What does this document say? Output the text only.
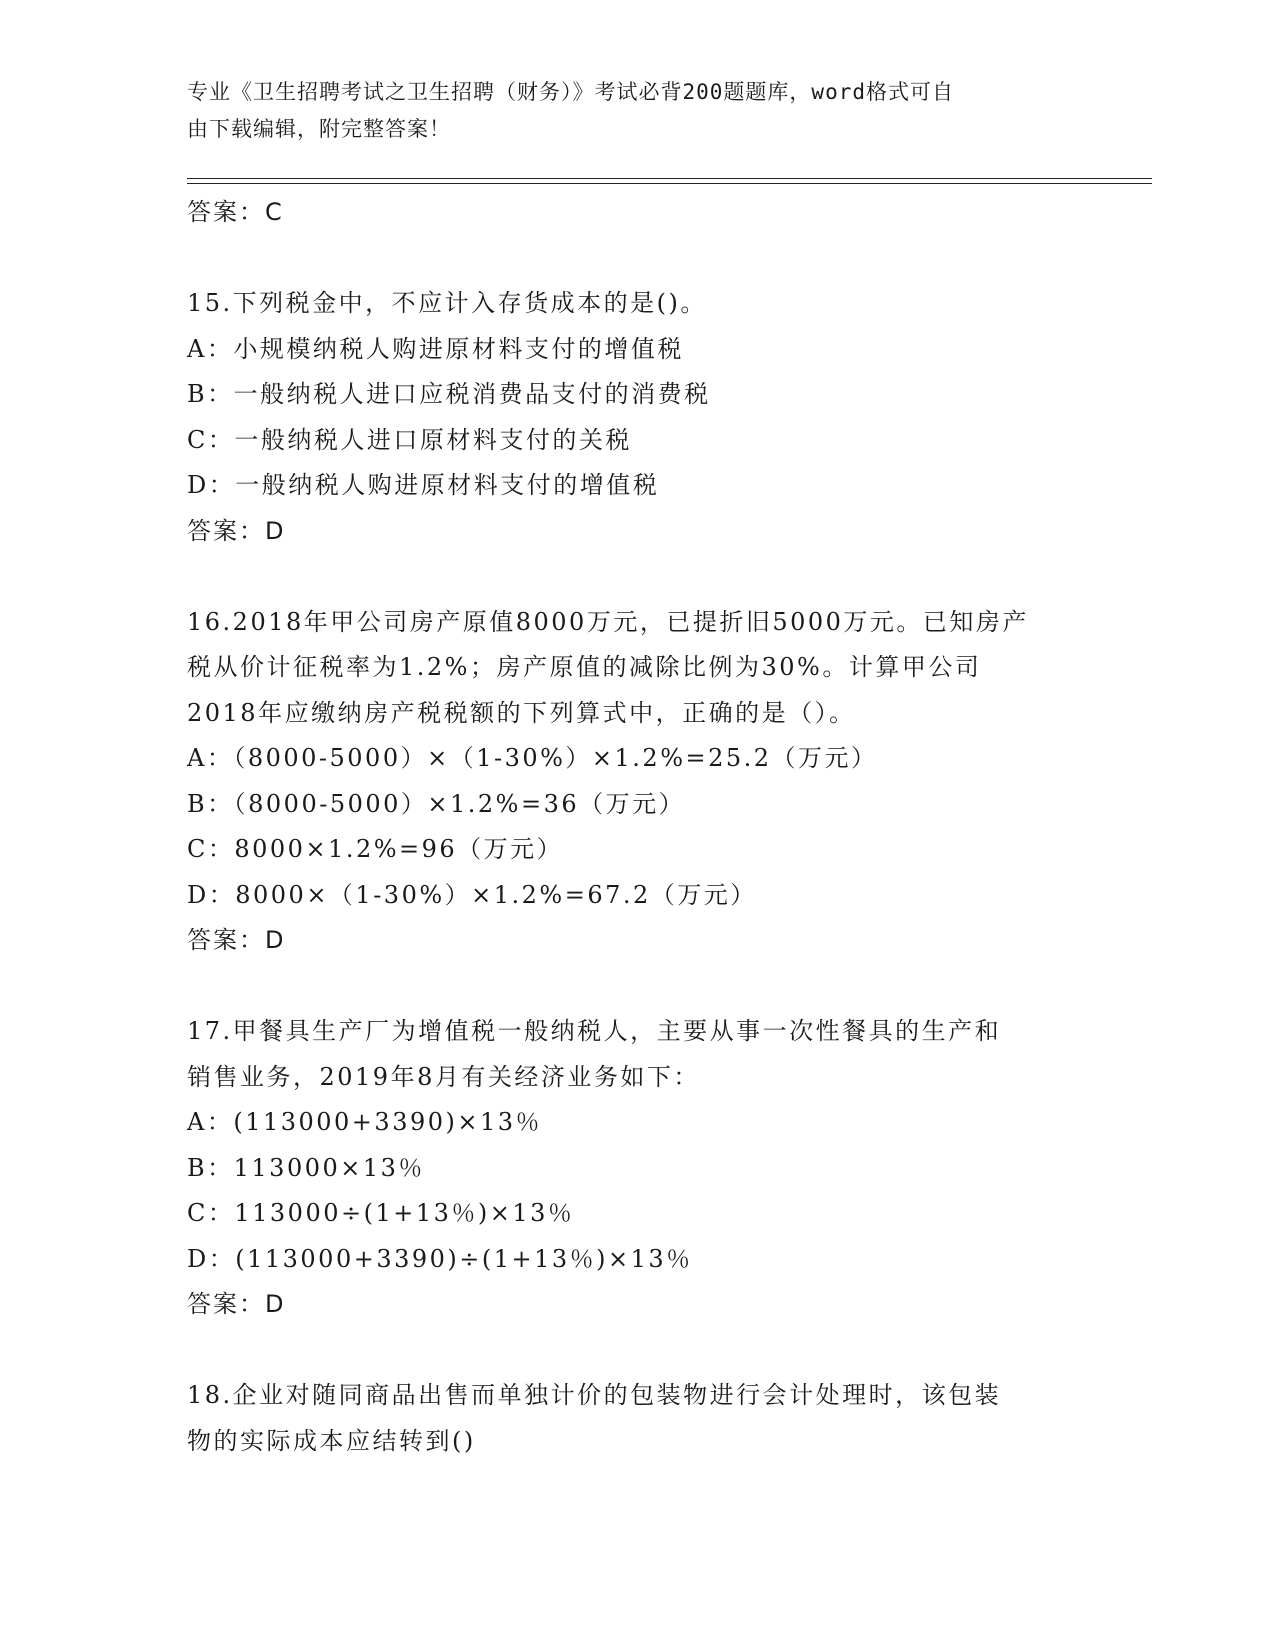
专业《卫生招聘考试之卫生招聘（财务）》考试必背200题题库，word格式可自
由下载编辑，附完整答案！
答案：C
15.下列税金中，不应计入存货成本的是()。
A：小规模纳税人购进原材料支付的增值税
B：一般纳税人进口应税消费品支付的消费税
C：一般纳税人进口原材料支付的关税
D：一般纳税人购进原材料支付的增值税
答案：D
16.2018年甲公司房产原值8000万元，已提折旧5000万元。已知房产
税从价计征税率为1.2%；房产原值的减除比例为30%。计算甲公司
2018年应缴纳房产税税额的下列算式中，正确的是（）。
A：（8000-5000）×（1-30%）×1.2%=25.2（万元）
B：（8000-5000）×1.2%=36（万元）
C：8000×1.2%=96（万元）
D：8000×（1-30%）×1.2%=67.2（万元）
答案：D
17.甲餐具生产厂为增值税一般纳税人，主要从事一次性餐具的生产和
销售业务，2019年8月有关经济业务如下：
A：(113000+3390)×13％
B：113000×13％
C：113000÷(1+13％)×13％
D：(113000+3390)÷(1+13％)×13％
答案：D
18.企业对随同商品出售而单独计价的包装物进行会计处理时，该包装
物的实际成本应结转到()
